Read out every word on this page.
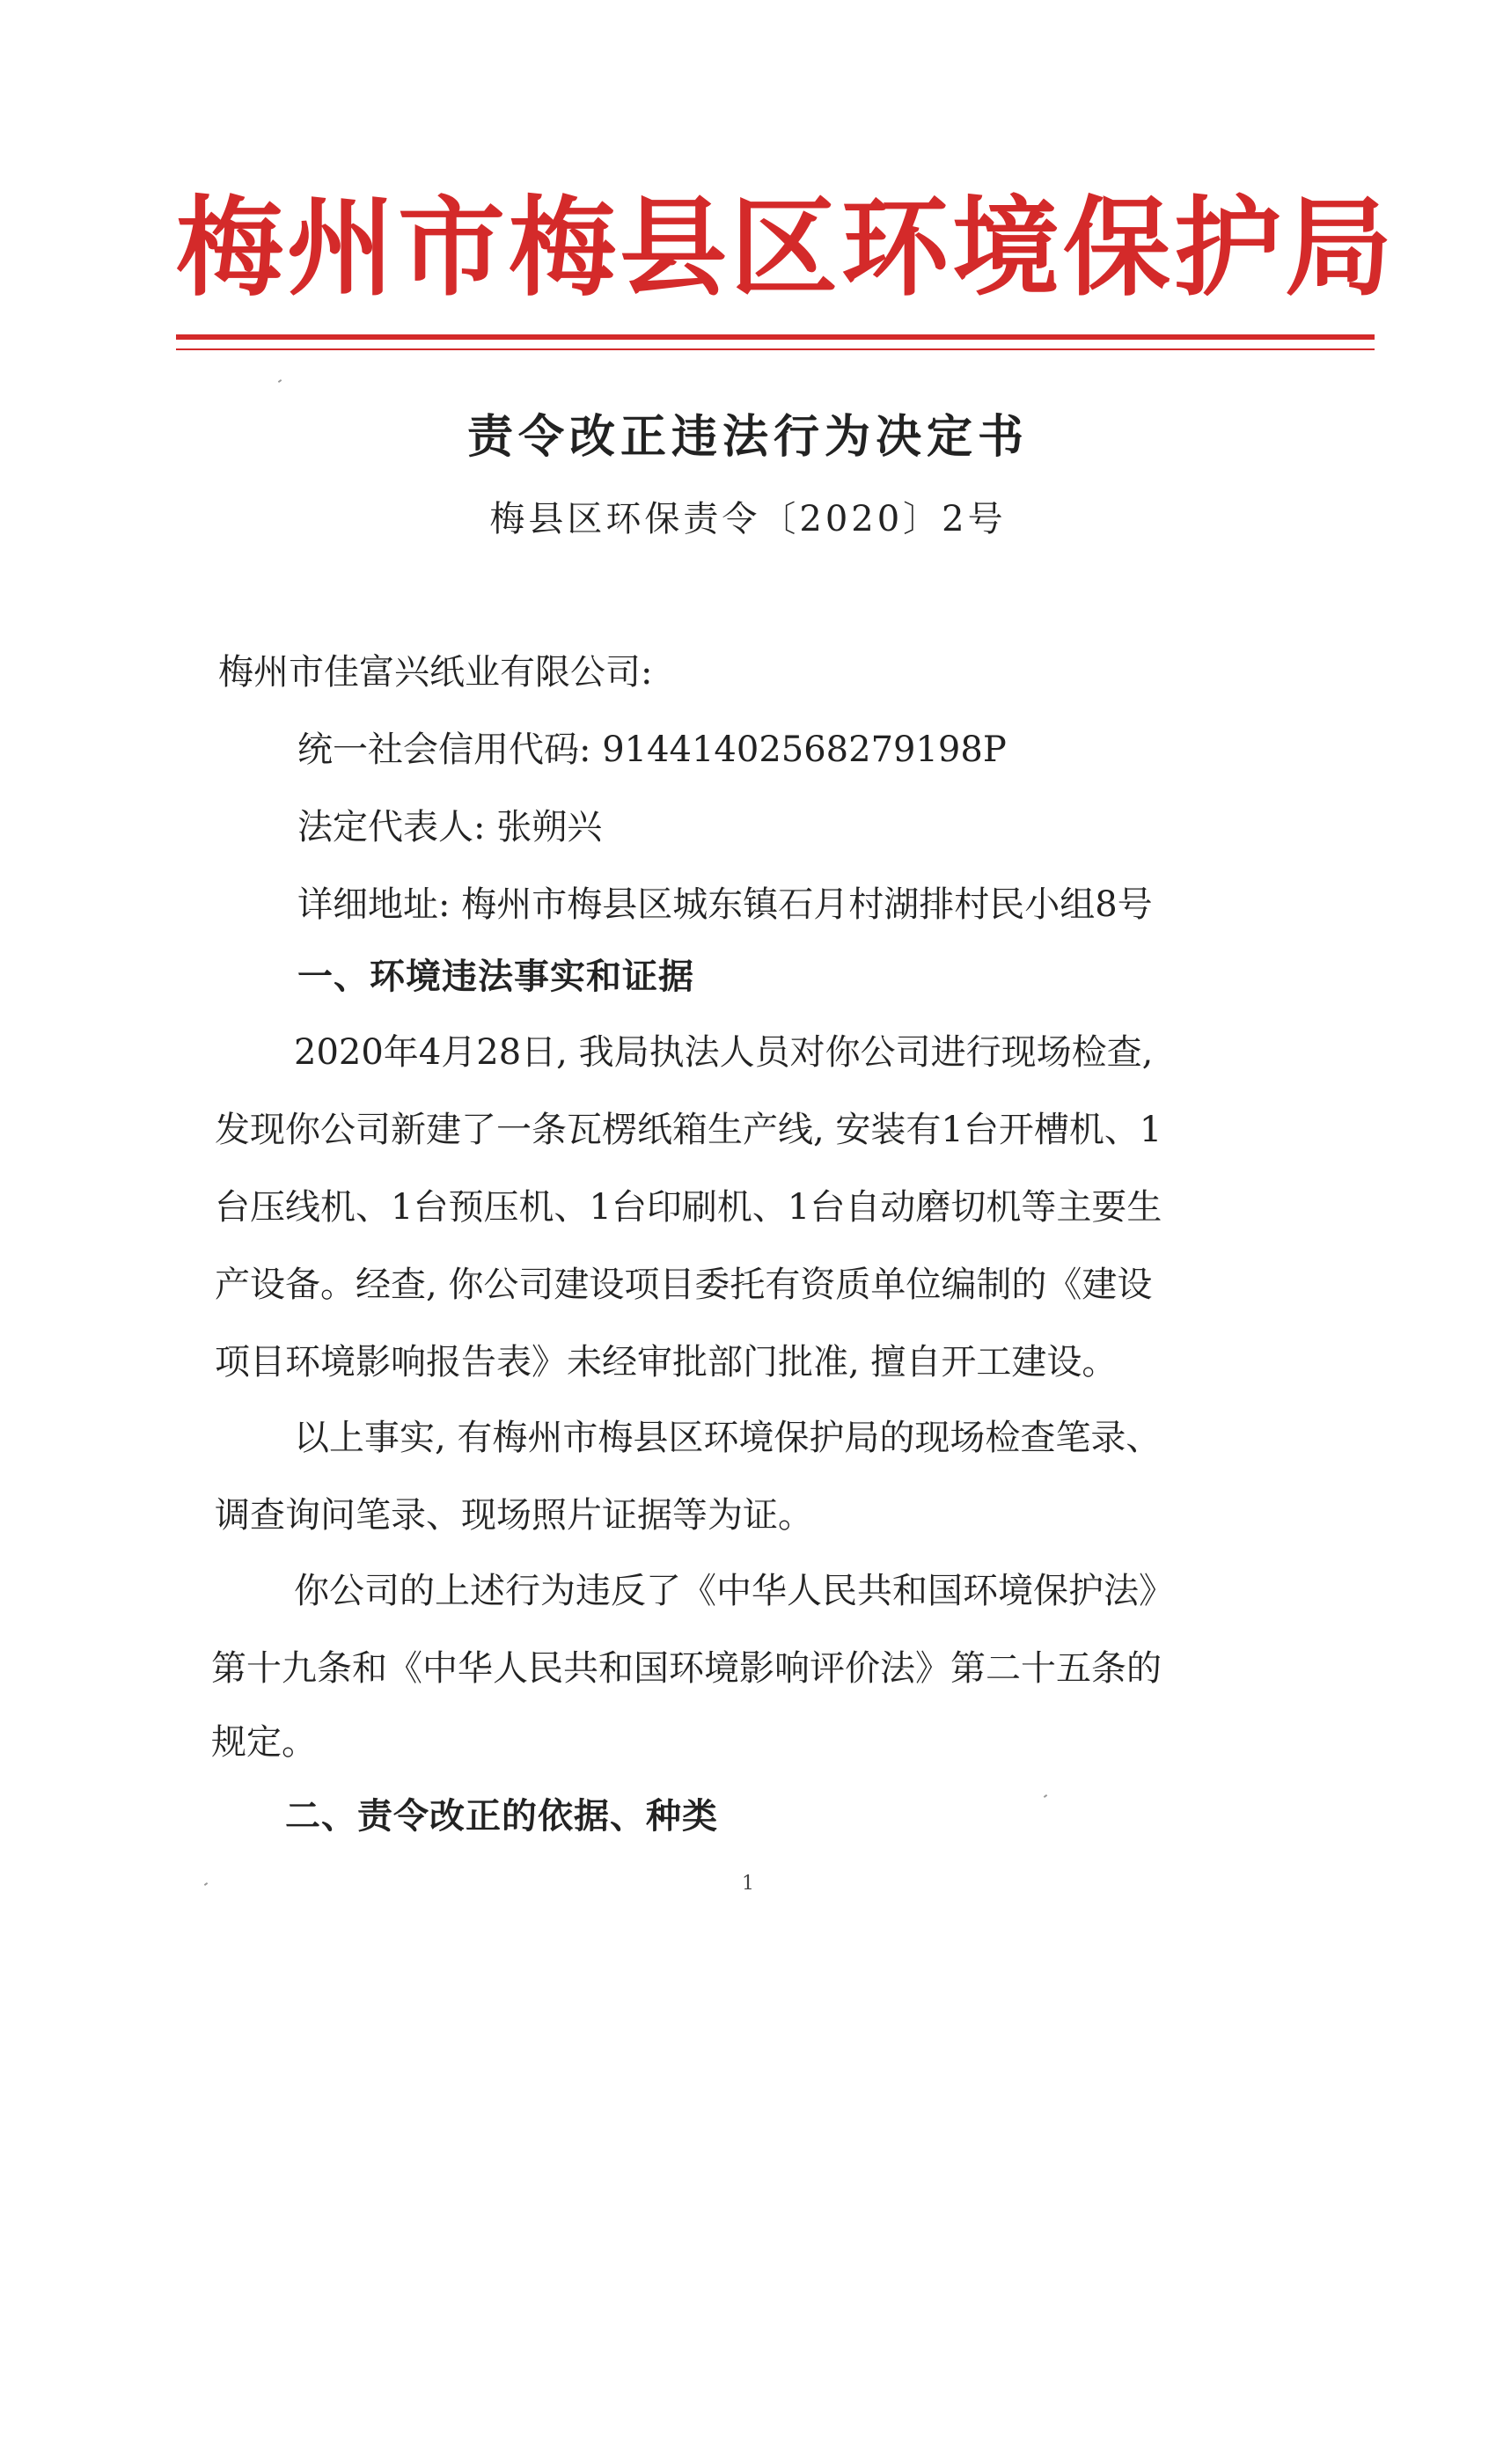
梅州市梅县区环境保护局
责令改正违法行为决定书
梅县区环保责令〔2020〕2号
梅州市佳富兴纸业有限公司:
统一社会信用代码: 91441402568279198P
法定代表人: 张朔兴
详细地址: 梅州市梅县区城东镇石月村湖排村民小组8号
一、环境违法事实和证据
2020年4月28日, 我局执法人员对你公司进行现场检查,
发现你公司新建了一条瓦楞纸箱生产线, 安装有1台开槽机、1
台压线机、1台预压机、1台印刷机、1台自动磨切机等主要生
产设备。经查, 你公司建设项目委托有资质单位编制的《建设
项目环境影响报告表》未经审批部门批准, 擅自开工建设。
以上事实, 有梅州市梅县区环境保护局的现场检查笔录、
调查询问笔录、现场照片证据等为证。
你公司的上述行为违反了《中华人民共和国环境保护法》
第十九条和《中华人民共和国环境影响评价法》第二十五条的
规定。
二、责令改正的依据、种类
1
